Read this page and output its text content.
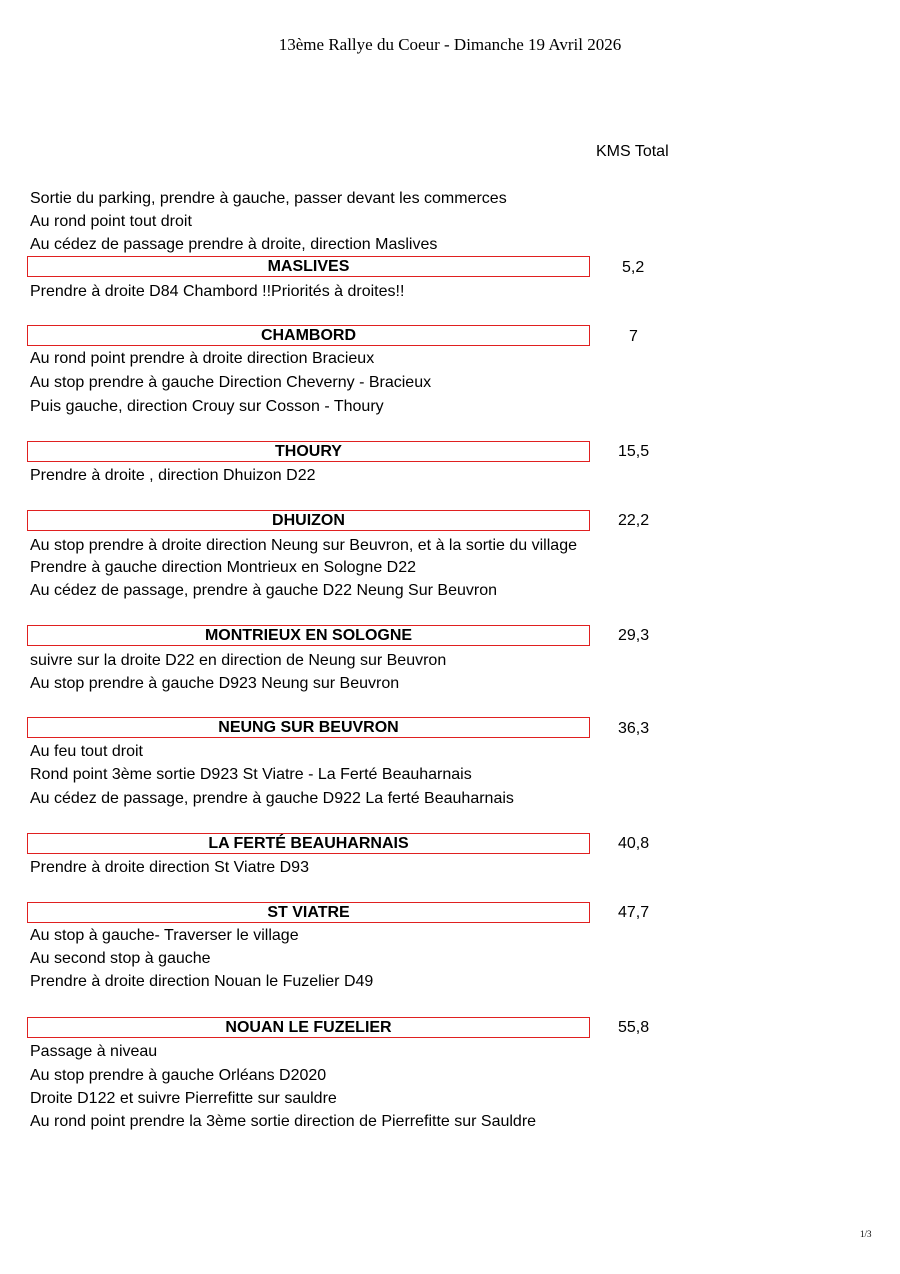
13ème Rallye du Coeur - Dimanche 19 Avril 2026
KMS Total
Sortie du parking, prendre à gauche, passer devant les commerces
Au rond point tout droit
Au cédez de passage prendre à droite, direction Maslives
Prendre à droite D84 Chambord !!Priorités à droites!!
Au rond point prendre à droite direction Bracieux
Au stop prendre à gauche Direction Cheverny - Bracieux
Puis gauche, direction Crouy sur Cosson - Thoury
Prendre à droite , direction Dhuizon D22
Au stop prendre à droite direction Neung sur Beuvron, et à la sortie du village
Prendre à gauche direction Montrieux en Sologne D22
Au cédez de passage, prendre à gauche D22 Neung Sur Beuvron
suivre sur la droite D22 en direction de Neung sur Beuvron
Au stop prendre à gauche D923 Neung sur Beuvron
Au feu tout droit
Rond point 3ème sortie D923 St Viatre - La Ferté Beauharnais
Au cédez de passage, prendre à gauche D922 La ferté Beauharnais
Prendre à droite direction St Viatre D93
Au stop à gauche- Traverser le village
Au second stop à gauche
Prendre à droite direction Nouan le Fuzelier D49
Passage à niveau
Au stop prendre à gauche Orléans D2020
Droite D122 et suivre Pierrefitte sur sauldre
Au rond point prendre la 3ème sortie direction de Pierrefitte sur Sauldre
MASLIVES	5,2
CHAMBORD	7
THOURY	15,5
DHUIZON	22,2
MONTRIEUX EN SOLOGNE	29,3
NEUNG SUR BEUVRON	36,3
LA FERTÉ BEAUHARNAIS	40,8
ST VIATRE	47,7
NOUAN LE FUZELIER	55,8
1/3
